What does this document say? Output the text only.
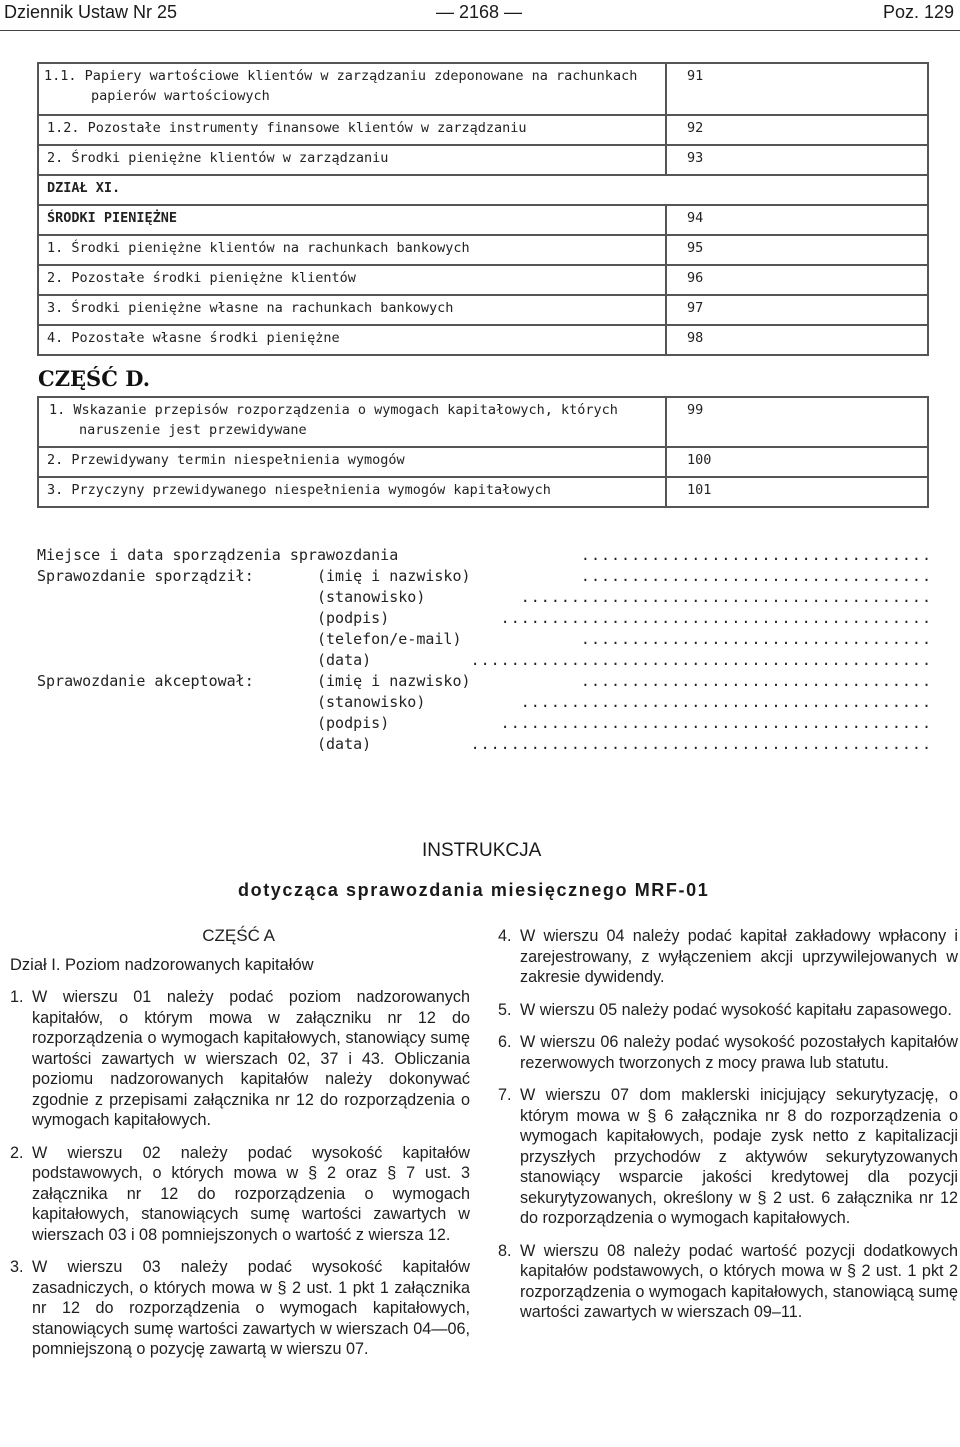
Dziennik Ustaw Nr 25	— 2168 —	Poz. 129
1.1. Papiery wartościowe klientów w zarządzaniu zdeponowane na rachunkach papierów wartościowych	91
1.2. Pozostałe instrumenty finansowe klientów w zarządzaniu	92
2. Środki pieniężne klientów w zarządzaniu	93
DZIAŁ XI.	
ŚRODKI PIENIĘŻNE	94
1. Środki pieniężne klientów na rachunkach bankowych	95
2. Pozostałe środki pieniężne klientów	96
3. Środki pieniężne własne na rachunkach bankowych	97
4. Pozostałe własne środki pieniężne	98
CZĘŚĆ D.
1. Wskazanie przepisów rozporządzenia o wymogach kapitałowych, których naruszenie jest przewidywane	99
2. Przewidywany termin niespełnienia wymogów	100
3. Przyczyny przewidywanego niespełnienia wymogów kapitałowych	101
Miejsce i data sporządzenia sprawozdania	...................................
Sprawozdanie sporządził:	(imię i nazwisko)	...................................
(stanowisko)	.........................................
(podpis)	...........................................
(telefon/e-mail)	...................................
(data)	..............................................
Sprawozdanie akceptował:	(imię i nazwisko)	...................................
(stanowisko)	.........................................
(podpis)	...........................................
(data)	..............................................
INSTRUKCJA
dotycząca sprawozdania miesięcznego MRF-01
CZĘŚĆ A
Dział I. Poziom nadzorowanych kapitałów
1. W wierszu 01 należy podać poziom nadzorowanych kapitałów, o którym mowa w załączniku nr 12 do rozporządzenia o wymogach kapitałowych, stanowiący sumę wartości zawartych w wierszach 02, 37 i 43. Obliczania poziomu nadzorowanych kapitałów należy dokonywać zgodnie z przepisami załącznika nr 12 do rozporządzenia o wymogach kapitałowych.
2. W wierszu 02 należy podać wysokość kapitałów podstawowych, o których mowa w § 2 oraz § 7 ust. 3 załącznika nr 12 do rozporządzenia o wymogach kapitałowych, stanowiących sumę wartości zawartych w wierszach 03 i 08 pomniejszonych o wartość z wiersza 12.
3. W wierszu 03 należy podać wysokość kapitałów zasadniczych, o których mowa w § 2 ust. 1 pkt 1 załącznika nr 12 do rozporządzenia o wymogach kapitałowych, stanowiących sumę wartości zawartych w wierszach 04—06, pomniejszoną o pozycję zawartą w wierszu 07.
4. W wierszu 04 należy podać kapitał zakładowy wpłacony i zarejestrowany, z wyłączeniem akcji uprzywilejowanych w zakresie dywidendy.
5. W wierszu 05 należy podać wysokość kapitału zapasowego.
6. W wierszu 06 należy podać wysokość pozostałych kapitałów rezerwowych tworzonych z mocy prawa lub statutu.
7. W wierszu 07 dom maklerski inicjujący sekurytyzację, o którym mowa w § 6 załącznika nr 8 do rozporządzenia o wymogach kapitałowych, podaje zysk netto z kapitalizacji przyszłych przychodów z aktywów sekurytyzowanych stanowiący wsparcie jakości kredytowej dla pozycji sekurytyzowanych, określony w § 2 ust. 6 załącznika nr 12 do rozporządzenia o wymogach kapitałowych.
8. W wierszu 08 należy podać wartość pozycji dodatkowych kapitałów podstawowych, o których mowa w § 2 ust. 1 pkt 2 rozporządzenia o wymogach kapitałowych, stanowiącą sumę wartości zawartych w wierszach 09–11.
